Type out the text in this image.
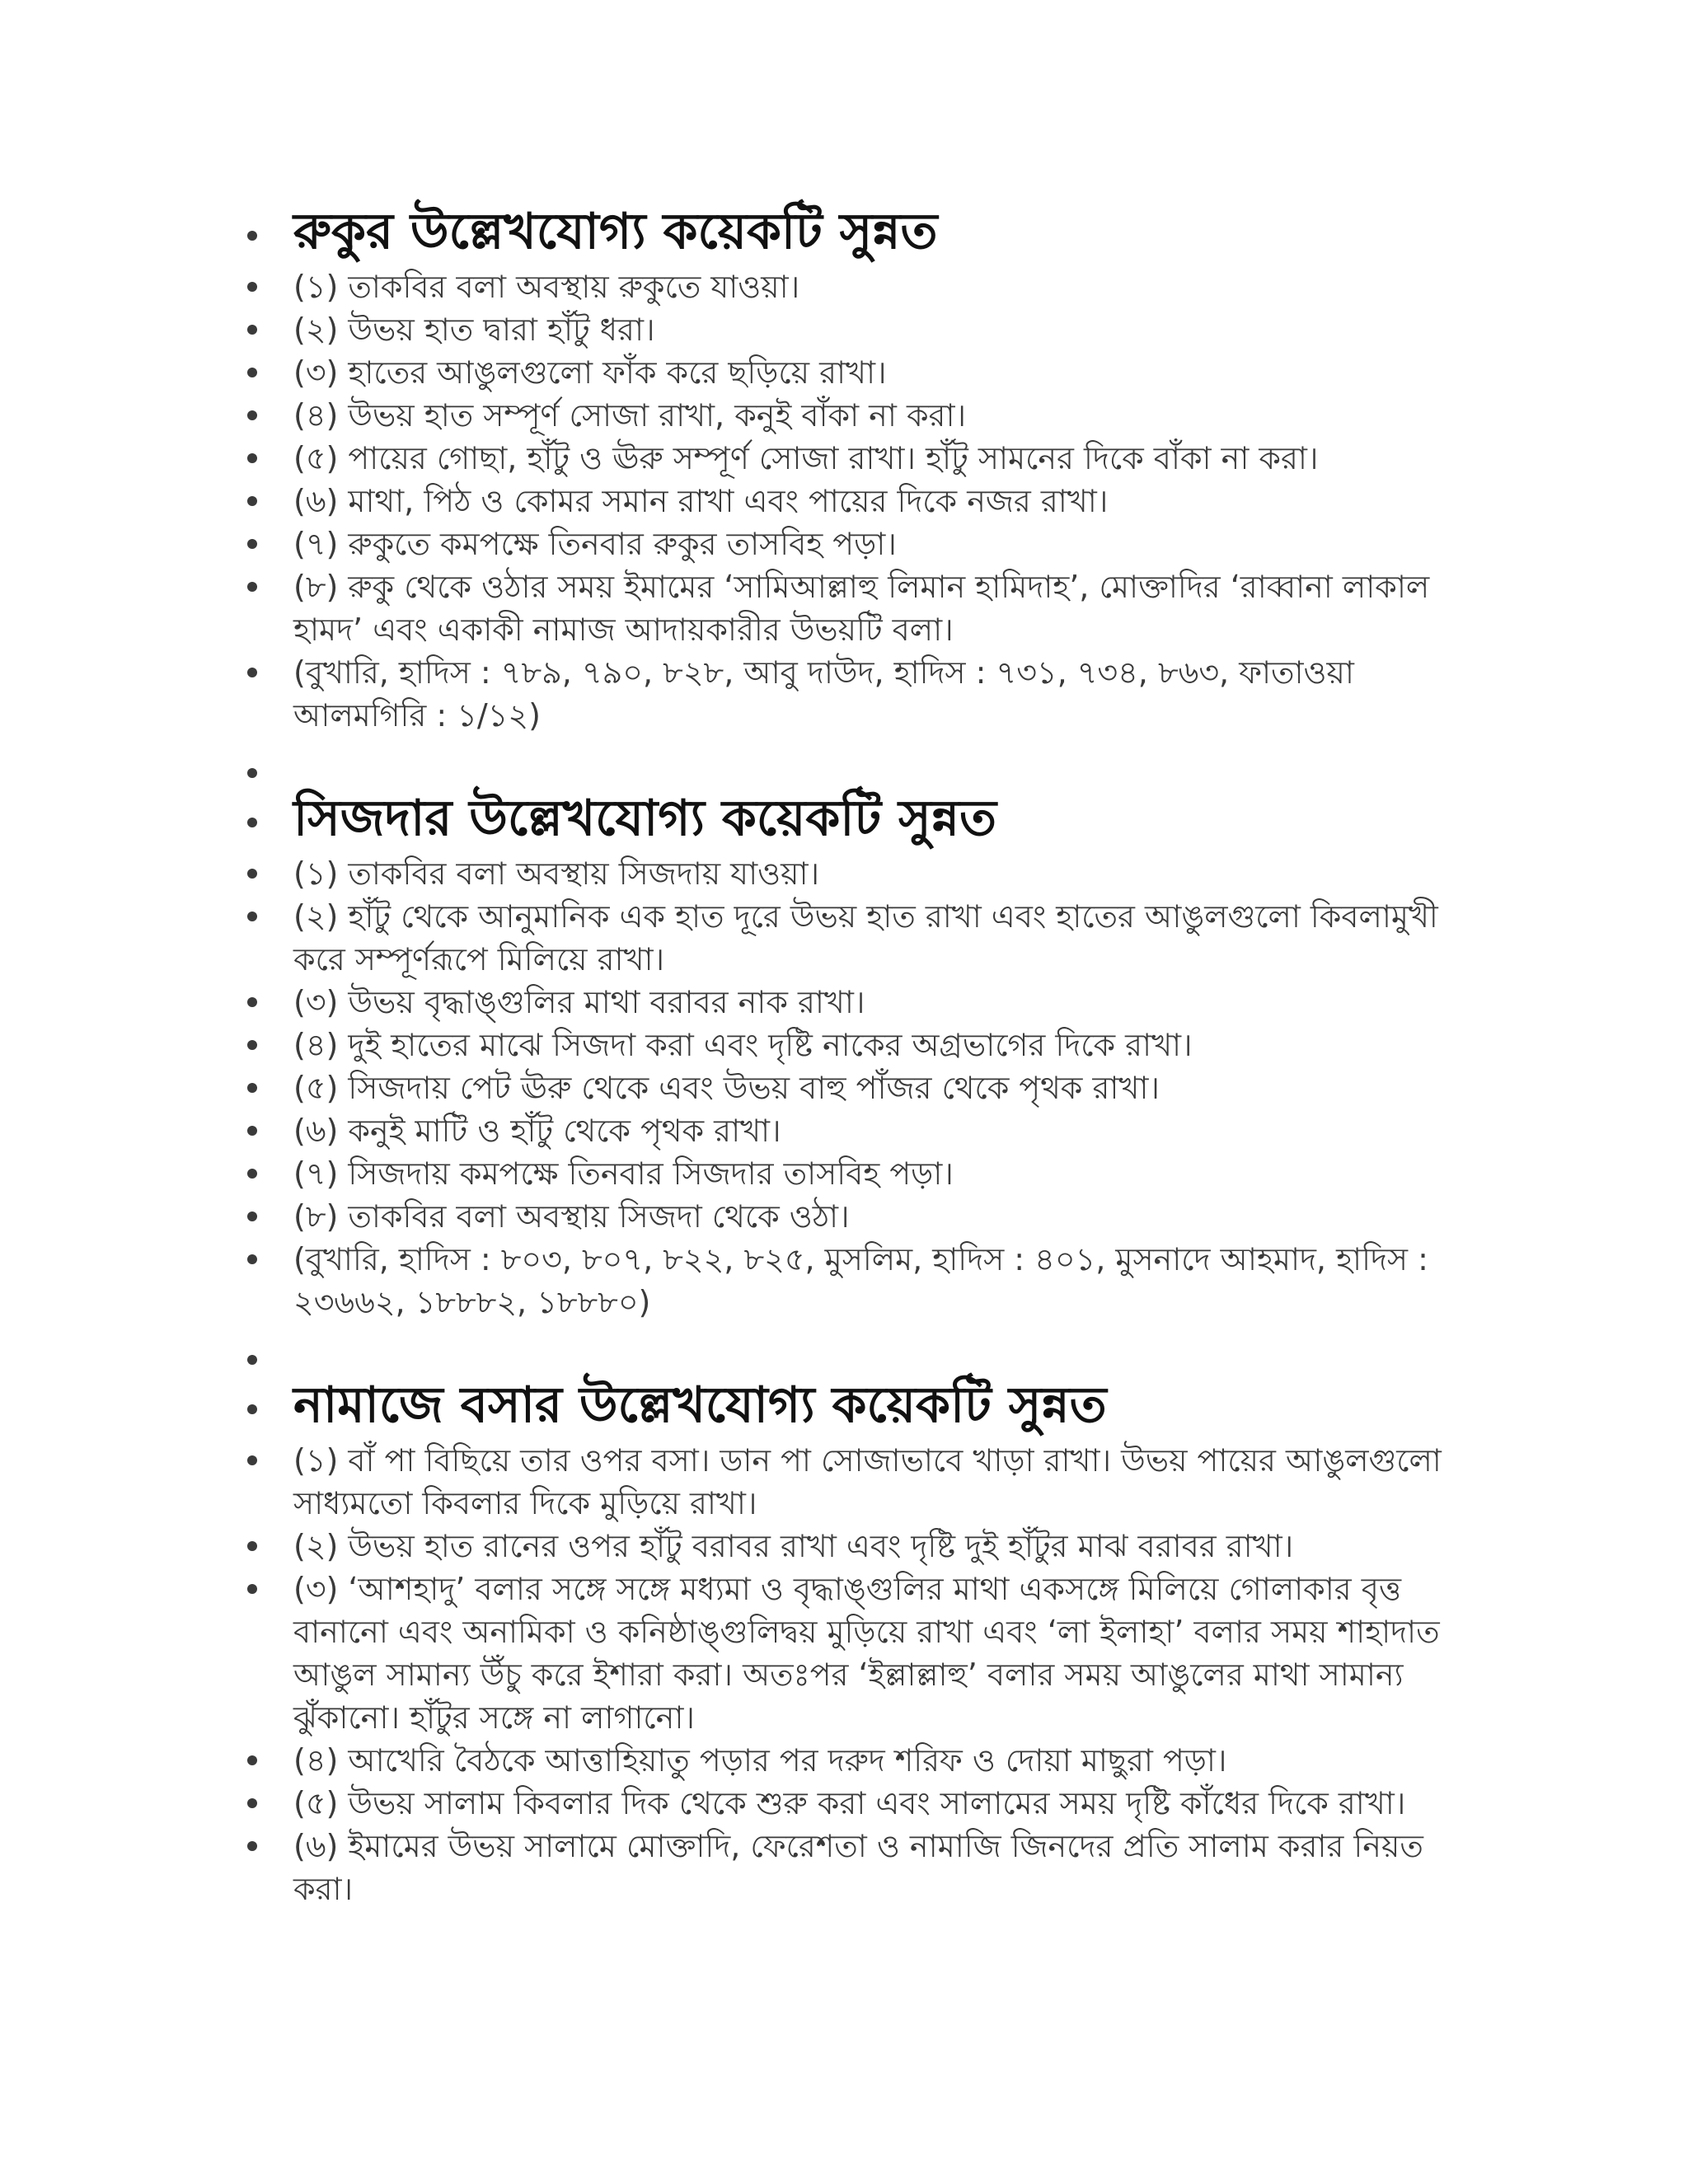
রুকুর উল্লেখযোগ্য কয়েকটি সুন্নত
(১) তাকবির বলা অবস্থায় রুকুতে যাওয়া।
(২) উভয় হাত দ্বারা হাঁটু ধরা।
(৩) হাতের আঙুলগুলো ফাঁক করে ছড়িয়ে রাখা।
(৪) উভয় হাত সম্পূর্ণ সোজা রাখা, কনুই বাঁকা না করা।
(৫) পায়ের গোছা, হাঁটু ও ঊরু সম্পূর্ণ সোজা রাখা। হাঁটু সামনের দিকে বাঁকা না করা।
(৬) মাথা, পিঠ ও কোমর সমান রাখা এবং পায়ের দিকে নজর রাখা।
(৭) রুকুতে কমপক্ষে তিনবার রুকুর তাসবিহ পড়া।
(৮) রুকু থেকে ওঠার সময় ইমামের ‘সামিআল্লাহু লিমান হামিদাহ’, মোক্তাদির ‘রাব্বানা লাকাল হামদ’ এবং একাকী নামাজ আদায়কারীর উভয়টি বলা।
(বুখারি, হাদিস : ৭৮৯, ৭৯০, ৮২৮, আবু দাউদ, হাদিস : ৭৩১, ৭৩৪, ৮৬৩, ফাতাওয়া আলমগিরি : ১/১২)
সিজদার উল্লেখযোগ্য কয়েকটি সুন্নত
(১) তাকবির বলা অবস্থায় সিজদায় যাওয়া।
(২) হাঁটু থেকে আনুমানিক এক হাত দূরে উভয় হাত রাখা এবং হাতের আঙুলগুলো কিবলামুখী করে সম্পূর্ণরূপে মিলিয়ে রাখা।
(৩) উভয় বৃদ্ধাঙ্গুলির মাথা বরাবর নাক রাখা।
(৪) দুই হাতের মাঝে সিজদা করা এবং দৃষ্টি নাকের অগ্রভাগের দিকে রাখা।
(৫) সিজদায় পেট ঊরু থেকে এবং উভয় বাহু পাঁজর থেকে পৃথক রাখা।
(৬) কনুই মাটি ও হাঁটু থেকে পৃথক রাখা।
(৭) সিজদায় কমপক্ষে তিনবার সিজদার তাসবিহ পড়া।
(৮) তাকবির বলা অবস্থায় সিজদা থেকে ওঠা।
(বুখারি, হাদিস : ৮০৩, ৮০৭, ৮২২, ৮২৫, মুসলিম, হাদিস : ৪০১, মুসনাদে আহমাদ, হাদিস : ২৩৬৬২, ১৮৮৮২, ১৮৮৮০)
নামাজে বসার উল্লেখযোগ্য কয়েকটি সুন্নত
(১) বাঁ পা বিছিয়ে তার ওপর বসা। ডান পা সোজাভাবে খাড়া রাখা। উভয় পায়ের আঙুলগুলো সাধ্যমতো কিবলার দিকে মুড়িয়ে রাখা।
(২) উভয় হাত রানের ওপর হাঁটু বরাবর রাখা এবং দৃষ্টি দুই হাঁটুর মাঝ বরাবর রাখা।
(৩) ‘আশহাদু’ বলার সঙ্গে সঙ্গে মধ্যমা ও বৃদ্ধাঙ্গুলির মাথা একসঙ্গে মিলিয়ে গোলাকার বৃত্ত বানানো এবং অনামিকা ও কনিষ্ঠাঙ্গুলিদ্বয় মুড়িয়ে রাখা এবং ‘লা ইলাহা’ বলার সময় শাহাদাত আঙুল সামান্য উঁচু করে ইশারা করা। অতঃপর ‘ইল্লাল্লাহু’ বলার সময় আঙুলের মাথা সামান্য ঝুঁকানো। হাঁটুর সঙ্গে না লাগানো।
(৪) আখেরি বৈঠকে আত্তাহিয়াতু পড়ার পর দরুদ শরিফ ও দোয়া মাছুরা পড়া।
(৫) উভয় সালাম কিবলার দিক থেকে শুরু করা এবং সালামের সময় দৃষ্টি কাঁধের দিকে রাখা।
(৬) ইমামের উভয় সালামে মোক্তাদি, ফেরেশতা ও নামাজি জিনদের প্রতি সালাম করার নিয়ত করা।
